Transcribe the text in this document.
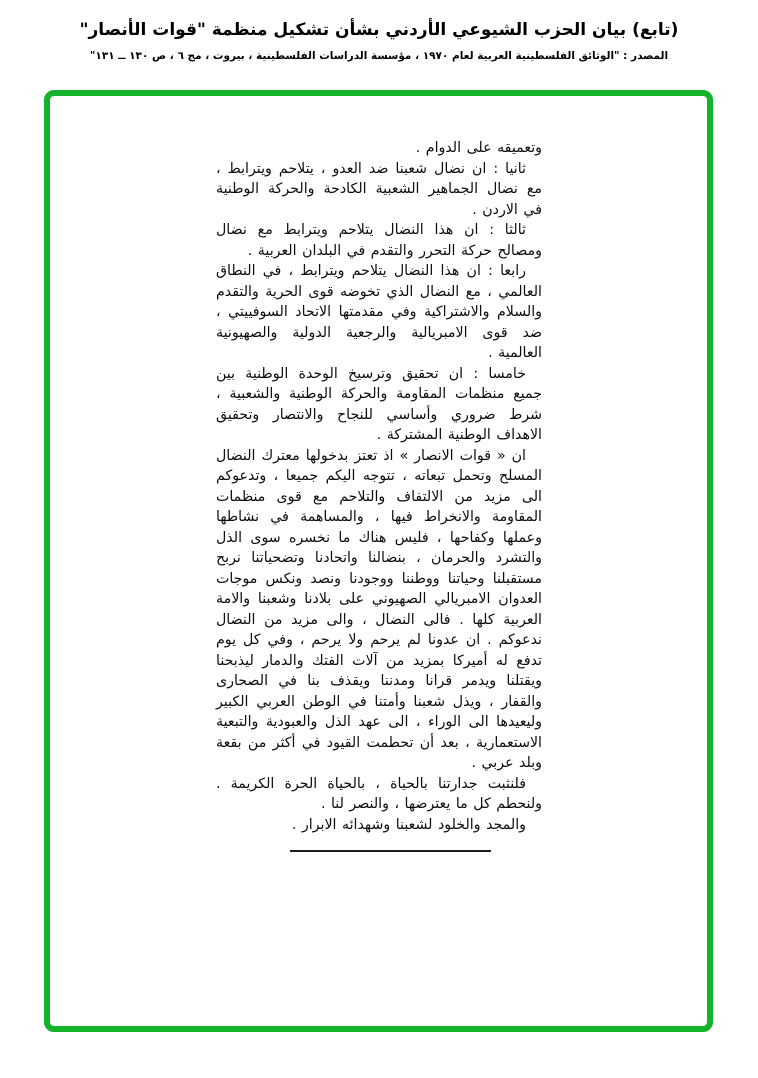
(تابع) بيان الحزب الشيوعي الأردني بشأن تشكيل منظمة "قوات الأنصار"
المصدر : "الوثائق الفلسطينية العربية لعام ١٩٧٠ ، مؤسسة الدراسات الفلسطينية ، بيروت ، مج ٦ ، ص ١٣٠ ــ ١٣١"

وتعميقه على الدوام .

ثانيا : ان نضال شعبنا ضد العدو ، يتلاحم ويترابط ، مع نضال الجماهير الشعبية الكادحة والحركة الوطنية في الاردن .

ثالثا : ان هذا النضال يتلاحم ويترابط مع نضال ومصالح حركة التحرر والتقدم في البلدان العربية .

رابعا : ان هذا النضال يتلاحم ويترابط ، في النطاق العالمي ، مع النضال الذي تخوضه قوى الحرية والتقدم والسلام والاشتراكية وفي مقدمتها الاتحاد السوفييتي ، ضد قوى الامبريالية والرجعية الدولية والصهيونية العالمية .

خامسا : ان تحقيق وترسيخ الوحدة الوطنية بين جميع منظمات المقاومة والحركة الوطنية والشعبية ، شرط ضروري وأساسي للنجاح والانتصار وتحقيق الاهداف الوطنية المشتركة .

ان « قوات الانصار » اذ تعتز بدخولها معترك النضال المسلح وتحمل تبعاته ، تتوجه اليكم جميعا ، وتدعوكم الى مزيد من الالتفاف والتلاحم مع قوى منظمات المقاومة والانخراط فيها ، والمساهمة في نشاطها وعملها وكفاحها ، فليس هناك ما نخسره سوى الذل والتشرد والحرمان ، بنضالنا واتحادنا وتضحياتنا نربح مستقبلنا وحياتنا ووطننا ووجودنا ونصد ونكس موجات العدوان الامبريالي الصهيوني على بلادنا وشعبنا والامة العربية كلها . فالى النضال ، والى مزيد من النضال ندعوكم . ان عدونا لم يرحم ولا يرحم ، وفي كل يوم تدفع له أميركا بمزيد من آلات الفتك والدمار ليذبحنا ويقتلنا ويدمر قرانا ومدننا ويقذف بنا في الصحارى والقفار ، ويذل شعبنا وأمتنا في الوطن العربي الكبير وليعيدها الى الوراء ، الى عهد الذل والعبودية والتبعية الاستعمارية ، بعد أن تحطمت القيود في أكثر من بقعة وبلد عربي .

فلنثبت جدارتنا بالحياة ، بالحياة الحرة الكريمة . ولنحطم كل ما يعترضها ، والنصر لنا .

والمجد والخلود لشعبنا وشهدائه الابرار .
